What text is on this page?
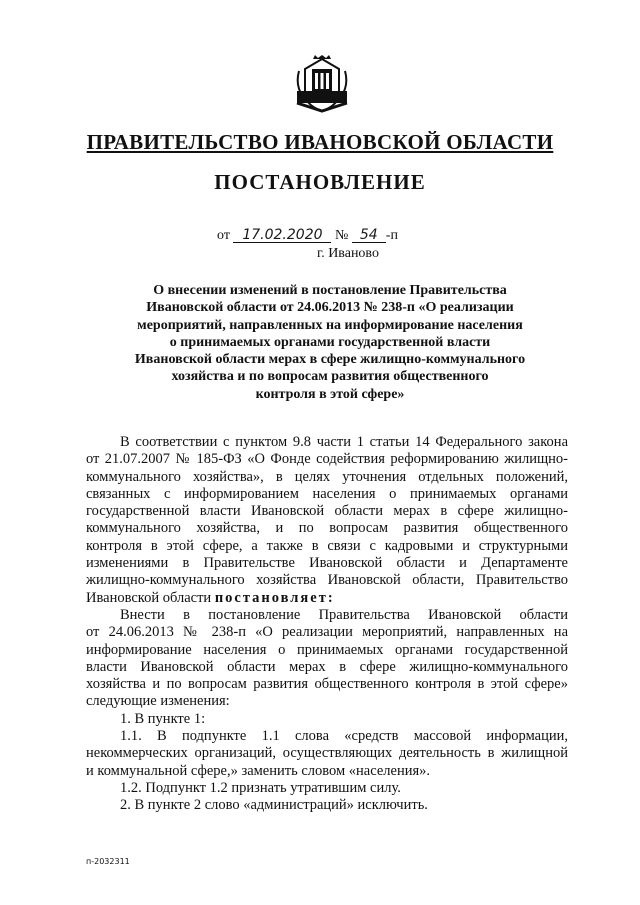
ПРАВИТЕЛЬСТВО ИВАНОВСКОЙ ОБЛАСТИ
ПОСТАНОВЛЕНИЕ
от 17.02.2020 № 54 -п
г. Иваново
О внесении изменений в постановление Правительства
Ивановской области от 24.06.2013 № 238-п «О реализации
мероприятий, направленных на информирование населения
о принимаемых органами государственной власти
Ивановской области мерах в сфере жилищно-коммунального
хозяйства и по вопросам развития общественного
контроля в этой сфере»
В соответствии с пунктом 9.8 части 1 статьи 14 Федерального закона
от 21.07.2007 № 185-ФЗ «О Фонде содействия реформированию жилищно-
коммунального хозяйства», в целях уточнения отдельных положений,
связанных с информированием населения о принимаемых органами
государственной власти Ивановской области мерах в сфере жилищно-
коммунального хозяйства, и по вопросам развития общественного
контроля в этой сфере, а также в связи с кадровыми и структурными
изменениями в Правительстве Ивановской области и Департаменте
жилищно-коммунального хозяйства Ивановской области, Правительство
Ивановской области постановляет:
Внести в постановление Правительства Ивановской области
от 24.06.2013 № 238-п «О реализации мероприятий, направленных на
информирование населения о принимаемых органами государственной
власти Ивановской области мерах в сфере жилищно-коммунального
хозяйства и по вопросам развития общественного контроля в этой сфере»
следующие изменения:
1. В пункте 1:
1.1. В подпункте 1.1 слова «средств массовой информации,
некоммерческих организаций, осуществляющих деятельность в жилищной
и коммунальной сфере,» заменить словом «населения».
1.2. Подпункт 1.2 признать утратившим силу.
2. В пункте 2 слово «администраций» исключить.
п-2032311
